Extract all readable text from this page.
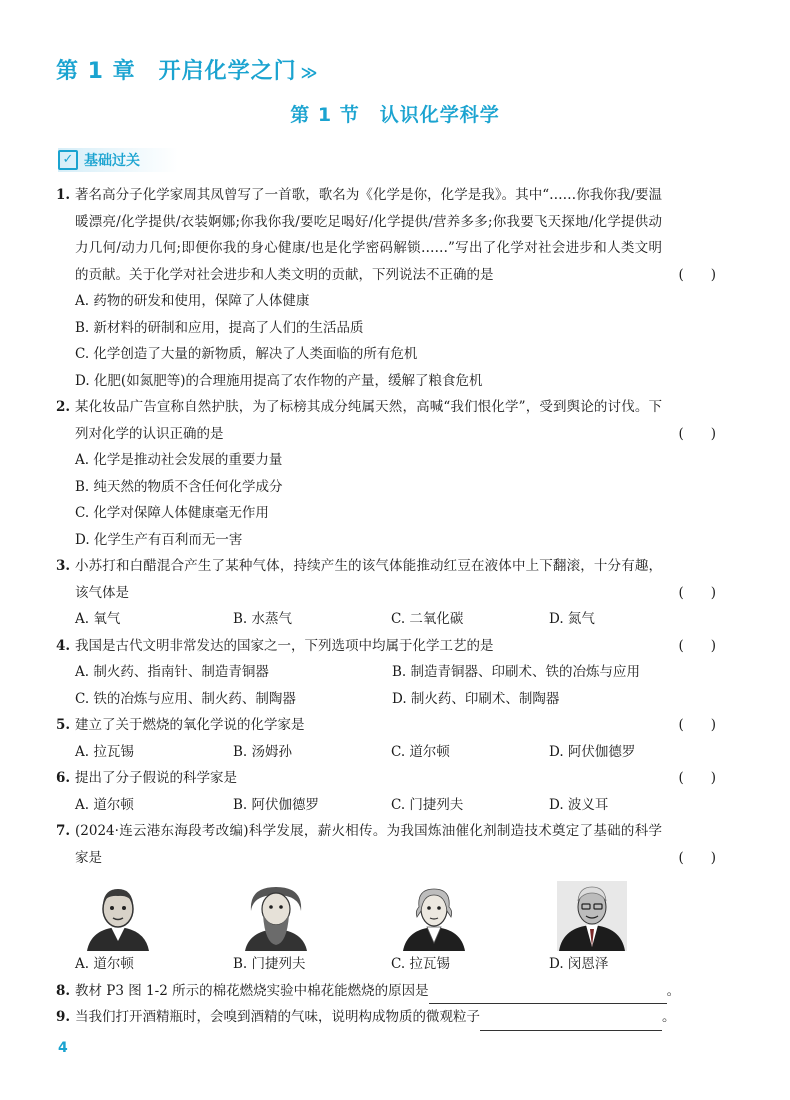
第 1 章　开启化学之门 ≫
第 1 节　认识化学科学
✓ 基础过关
1. 著名高分子化学家周其凤曾写了一首歌，歌名为《化学是你，化学是我》。其中“……你我你我/要温暖漂亮/化学提供/衣装婀娜;你我你我/要吃足喝好/化学提供/营养多多;你我要飞天探地/化学提供动力几何/动力几何;即便你我的身心健康/也是化学密码解锁……”写出了化学对社会进步和人类文明的贡献。关于化学对社会进步和人类文明的贡献，下列说法不正确的是	(　　)
A. 药物的研发和使用，保障了人体健康
B. 新材料的研制和应用，提高了人们的生活品质
C. 化学创造了大量的新物质，解决了人类面临的所有危机
D. 化肥(如氮肥等)的合理施用提高了农作物的产量，缓解了粮食危机
2. 某化妆品广告宣称自然护肤，为了标榜其成分纯属天然，高喊“我们恨化学”，受到舆论的讨伐。下列对化学的认识正确的是	(　　)
A. 化学是推动社会发展的重要力量
B. 纯天然的物质不含任何化学成分
C. 化学对保障人体健康毫无作用
D. 化学生产有百利而无一害
3. 小苏打和白醋混合产生了某种气体，持续产生的该气体能推动红豆在液体中上下翻滚，十分有趣，该气体是	(　　)
A. 氧气	B. 水蒸气	C. 二氧化碳	D. 氮气
4. 我国是古代文明非常发达的国家之一，下列选项中均属于化学工艺的是	(　　)
A. 制火药、指南针、制造青铜器	B. 制造青铜器、印刷术、铁的冶炼与应用
C. 铁的冶炼与应用、制火药、制陶器	D. 制火药、印刷术、制陶器
5. 建立了关于燃烧的氧化学说的化学家是	(　　)
A. 拉瓦锡	B. 汤姆孙	C. 道尔顿	D. 阿伏伽德罗
6. 提出了分子假说的科学家是	(　　)
A. 道尔顿	B. 阿伏伽德罗	C. 门捷列夫	D. 波义耳
7. (2024·连云港东海段考改编)科学发展，薪火相传。为我国炼油催化剂制造技术奠定了基础的科学家是	(　　)
A. 道尔顿	B. 门捷列夫	C. 拉瓦锡	D. 闵恩泽
8. 教材 P3 图 1-2 所示的棉花燃烧实验中棉花能燃烧的原因是	。
9. 当我们打开酒精瓶时，会嗅到酒精的气味，说明构成物质的微观粒子	。
4
